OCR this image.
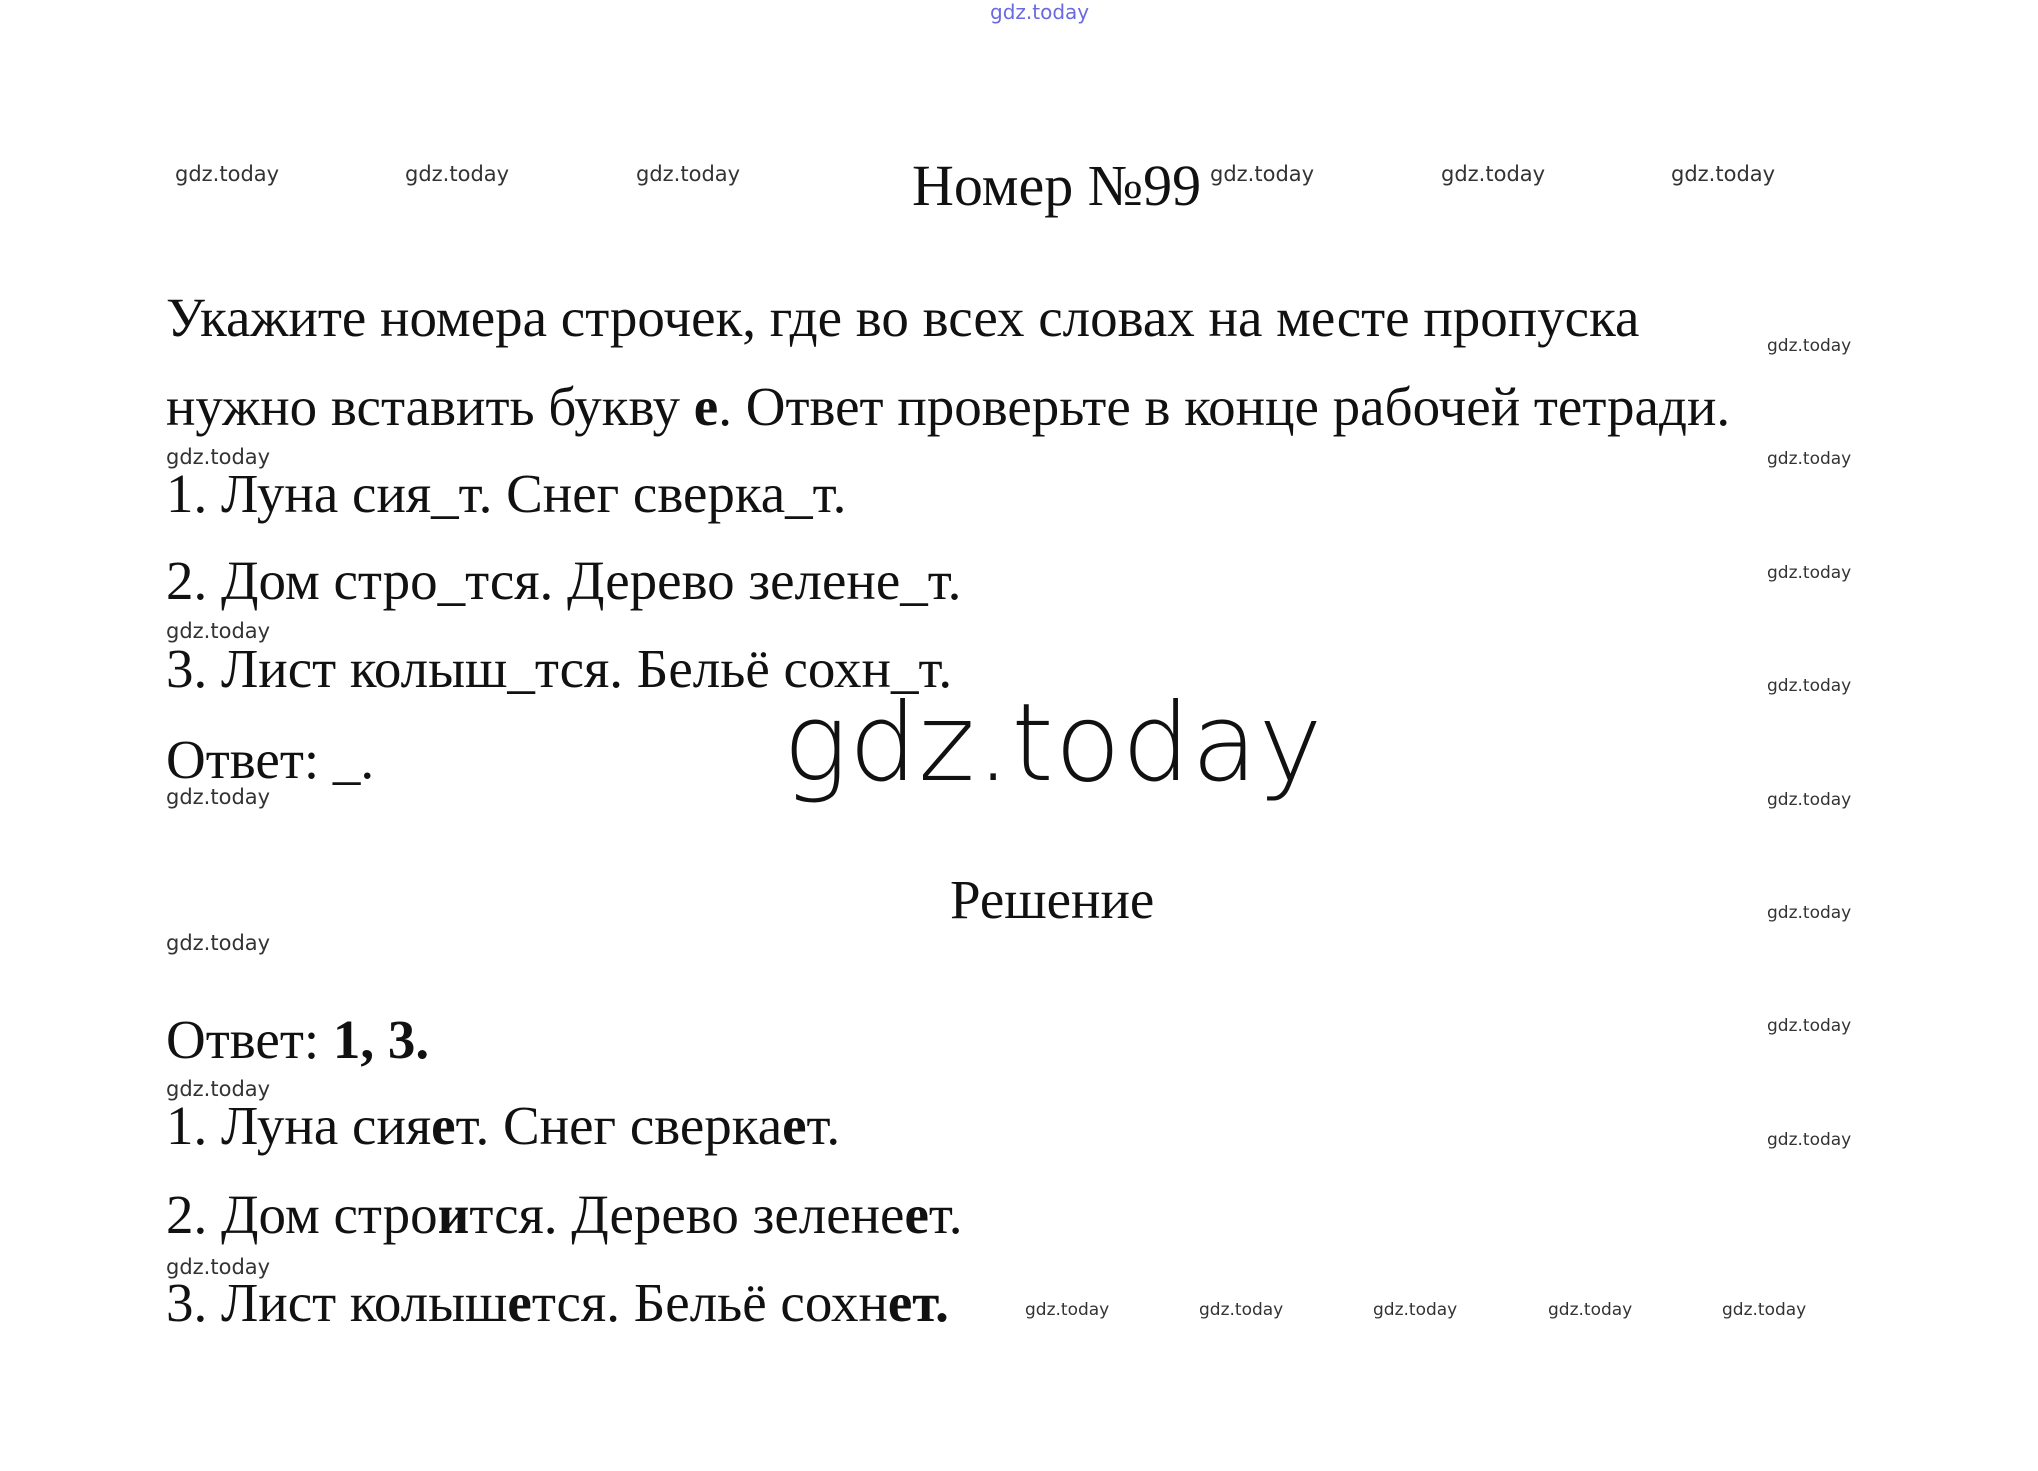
gdz.today
gdz.today	gdz.today	gdz.today	gdz.today	gdz.today	gdz.today
gdz.today
gdz.today	gdz.today
gdz.today
gdz.today
gdz.today
gdz.today	gdz.today
gdz.today
gdz.today
gdz.today
gdz.today
gdz.today
gdz.today
gdz.today	gdz.today	gdz.today	gdz.today	gdz.today
gdz.today
Номер №99
Укажите номера строчек, где во всех словах на месте пропуска
нужно вставить букву е. Ответ проверьте в конце рабочей тетради.
1. Луна сия_т. Снег сверка_т.
2. Дом стро_тся. Дерево зелене_т.
3. Лист колыш_тся. Бельё сохн_т.
Ответ: _.
Решение
Ответ: 1, 3.
1. Луна сияет. Снег сверкает.
2. Дом строится. Дерево зеленеет.
3. Лист колышется. Бельё сохнет.
